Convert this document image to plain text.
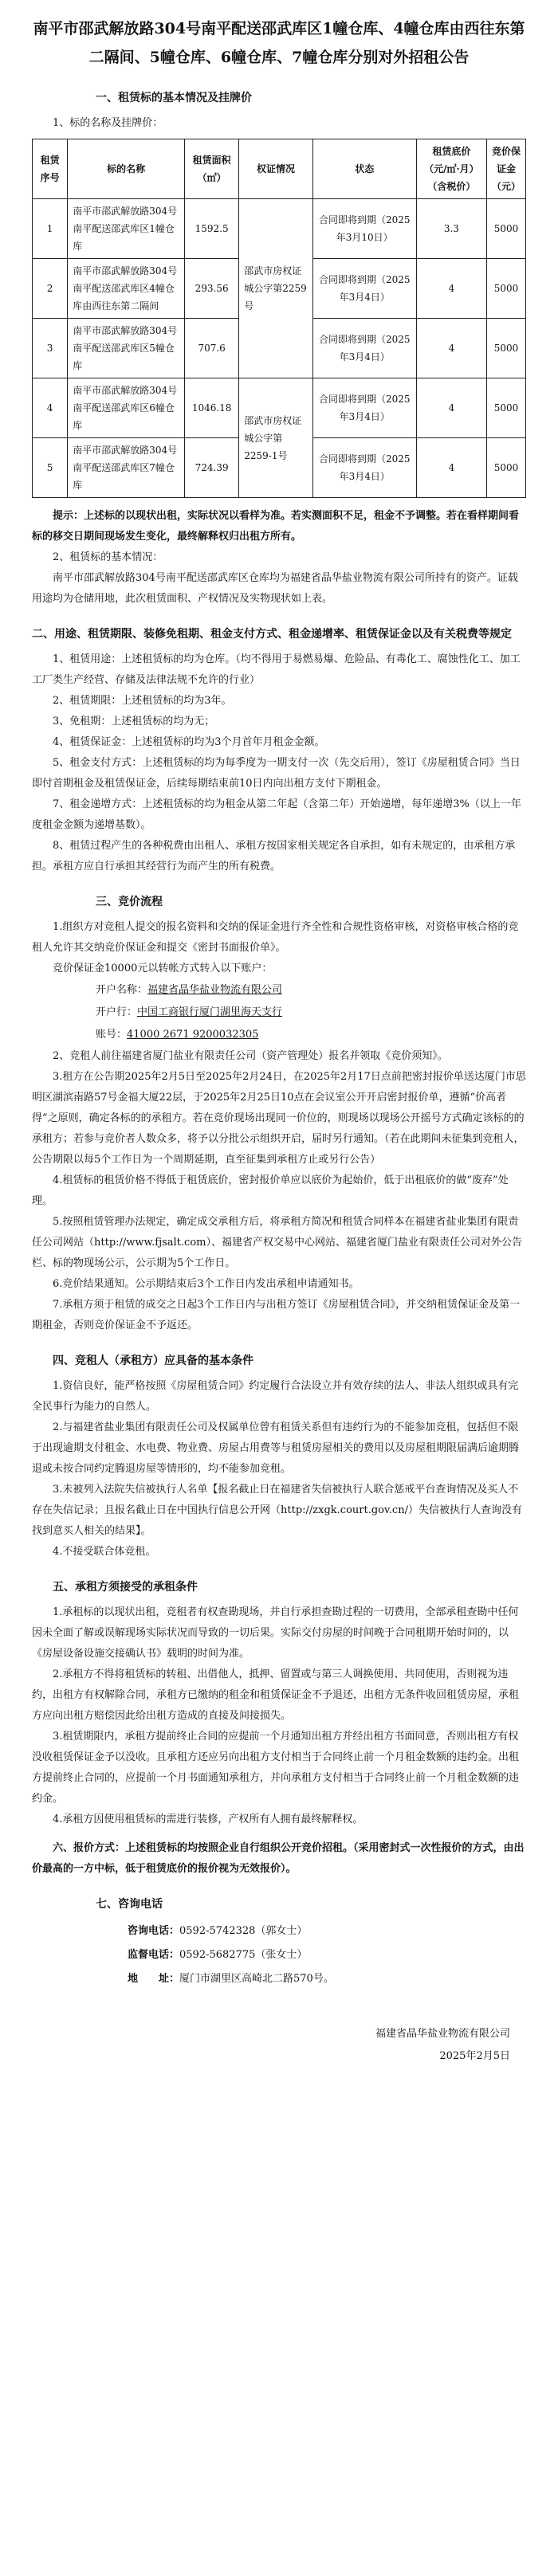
南平市邵武解放路304号南平配送邵武库区1幢仓库、4幢仓库由西往东第二隔间、5幢仓库、6幢仓库、7幢仓库分别对外招租公告
一、租赁标的基本情况及挂牌价

1、标的名称及挂牌价：

租赁序号	标的名称	租赁面积（㎡）	权证情况	状态	租赁底价（元/㎡·月）（含税价）	竞价保证金（元）
1	南平市邵武解放路304号南平配送邵武库区1幢仓库	1592.5	邵武市房权证城公字第2259号	合同即将到期（2025年3月10日）	3.3	5000
2	南平市邵武解放路304号南平配送邵武库区4幢仓库由西往东第二隔间	293.56		合同即将到期（2025年3月4日）	4	5000
3	南平市邵武解放路304号南平配送邵武库区5幢仓库	707.6		合同即将到期（2025年3月4日）	4	5000
4	南平市邵武解放路304号南平配送邵武库区6幢仓库	1046.18	邵武市房权证城公字第2259-1号	合同即将到期（2025年3月4日）	4	5000
5	南平市邵武解放路304号南平配送邵武库区7幢仓库	724.39		合同即将到期（2025年3月4日）	4	5000

提示：上述标的以现状出租，实际状况以看样为准。若实测面积不足，租金不予调整。若在看样期间看标的移交日期间现场发生变化，最终解释权归出租方所有。

2、租赁标的基本情况：

南平市邵武解放路304号南平配送邵武库区仓库均为福建省晶华盐业物流有限公司所持有的资产。证载用途均为仓储用地，此次租赁面积、产权情况及实物现状如上表。

二、用途、租赁期限、装修免租期、租金支付方式、租金递增率、租赁保证金以及有关税费等规定

1、租赁用途：上述租赁标的均为仓库。（均不得用于易燃易爆、危险品、有毒化工、腐蚀性化工、加工工厂类生产经营、存储及法律法规不允许的行业）

2、租赁期限：上述租赁标的均为3年。

3、免租期：上述租赁标的均为无；

4、租赁保证金：上述租赁标的均为3个月首年月租金金额。

5、租金支付方式：上述租赁标的均为每季度为一期支付一次（先交后用），签订《房屋租赁合同》当日即付首期租金及租赁保证金，后续每期结束前10日内向出租方支付下期租金。

7、租金递增方式：上述租赁标的均为租金从第二年起（含第二年）开始递增，每年递增3%（以上一年度租金金额为递增基数）。

8、租赁过程产生的各种税费由出租人、承租方按国家相关规定各自承担，如有未规定的，由承租方承担。承租方应自行承担其经营行为而产生的所有税费。

三、竞价流程

1.组织方对竞租人提交的报名资料和交纳的保证金进行齐全性和合规性资格审核，对资格审核合格的竞租人允许其交纳竞价保证金和提交《密封书面报价单》。

竞价保证金10000元以转帐方式转入以下账户：

开户名称：福建省晶华盐业物流有限公司
开户行：中国工商银行厦门湖里海天支行
账号：41000 2671 9200032305

2、竞租人前往福建省厦门盐业有限责任公司（资产管理处）报名并领取《竞价须知》。

3.租方在公告期2025年2月5日至2025年2月24日，在2025年2月17日点前把密封报价单送达厦门市思明区湖滨南路57号金福大厦22层，于2025年2月25日10点在会议室公开开启密封报价单，遵循“价高者得”之原则，确定各标的的承租方。若在竞价现场出现同一价位的，则现场以现场公开摇号方式确定该标的的承租方；若参与竞价者人数众多，将予以分批公示组织开启，届时另行通知。（若在此期间未征集到竞租人，公告期限以每5个工作日为一个周期延期，直至征集到承租方止或另行公告）

4.租赁标的租赁价格不得低于租赁底价，密封报价单应以底价为起始价，低于出租底价的做“废弃”处理。

5.按照租赁管理办法规定，确定成交承租方后，将承租方简况和租赁合同样本在福建省盐业集团有限责任公司网站（http://www.fjsalt.com）、福建省产权交易中心网站、福建省厦门盐业有限责任公司对外公告栏、标的物现场公示，公示期为5个工作日。

6.竞价结果通知。公示期结束后3个工作日内发出承租申请通知书。

7.承租方须于租赁的成交之日起3个工作日内与出租方签订《房屋租赁合同》，并交纳租赁保证金及第一期租金，否则竞价保证金不予返还。

四、竞租人（承租方）应具备的基本条件

1.资信良好，能严格按照《房屋租赁合同》约定履行合法设立并有效存续的法人、非法人组织或具有完全民事行为能力的自然人。

2.与福建省盐业集团有限责任公司及权属单位曾有租赁关系但有违约行为的不能参加竞租，包括但不限于出现逾期支付租金、水电费、物业费、房屋占用费等与租赁房屋相关的费用以及房屋租期限届满后逾期腾退或未按合同约定腾退房屋等情形的，均不能参加竞租。

3.未被列入法院失信被执行人名单【报名截止日在福建省失信被执行人联合惩戒平台查询情况及买人不存在失信记录；且报名截止日在中国执行信息公开网（http://zxgk.court.gov.cn/）失信被执行人查询没有找到意买人相关的结果】。

4.不接受联合体竞租。

五、承租方须接受的承租条件

1.承租标的以现状出租，竞租者有权查勘现场，并自行承担查勘过程的一切费用，全部承租查勘中任何因未全面了解或误解现场实际状况而导致的一切后果。实际交付房屋的时间晚于合同租期开始时间的，以《房屋设备设施交接确认书》载明的时间为准。

2.承租方不得将租赁标的转租、出借他人，抵押、留置或与第三人调换使用、共同使用，否则视为违约，出租方有权解除合同，承租方已缴纳的租金和租赁保证金不予退还，出租方无条件收回租赁房屋，承租方应向出租方赔偿因此给出租方造成的直接及间接损失。

3.租赁期限内，承租方提前终止合同的应提前一个月通知出租方并经出租方书面同意，否则出租方有权没收租赁保证金予以没收。且承租方还应另向出租方支付相当于合同终止前一个月租金数额的违约金。出租方提前终止合同的，应提前一个月书面通知承租方，并向承租方支付相当于合同终止前一个月租金数额的违约金。

4.承租方因使用租赁标的需进行装修，产权所有人拥有最终解释权。

六、报价方式：上述租赁标的均按照企业自行组织公开竞价招租。（采用密封式一次性报价的方式，由出价最高的一方中标，低于租赁底价的报价视为无效报价）。

七、咨询电话
咨询电话：0592-5742328（郭女士）
监督电话：0592-5682775（张女士）
地　　址：厦门市湖里区高崎北二路570号。
福建省晶华盐业物流有限公司
2025年2月5日
